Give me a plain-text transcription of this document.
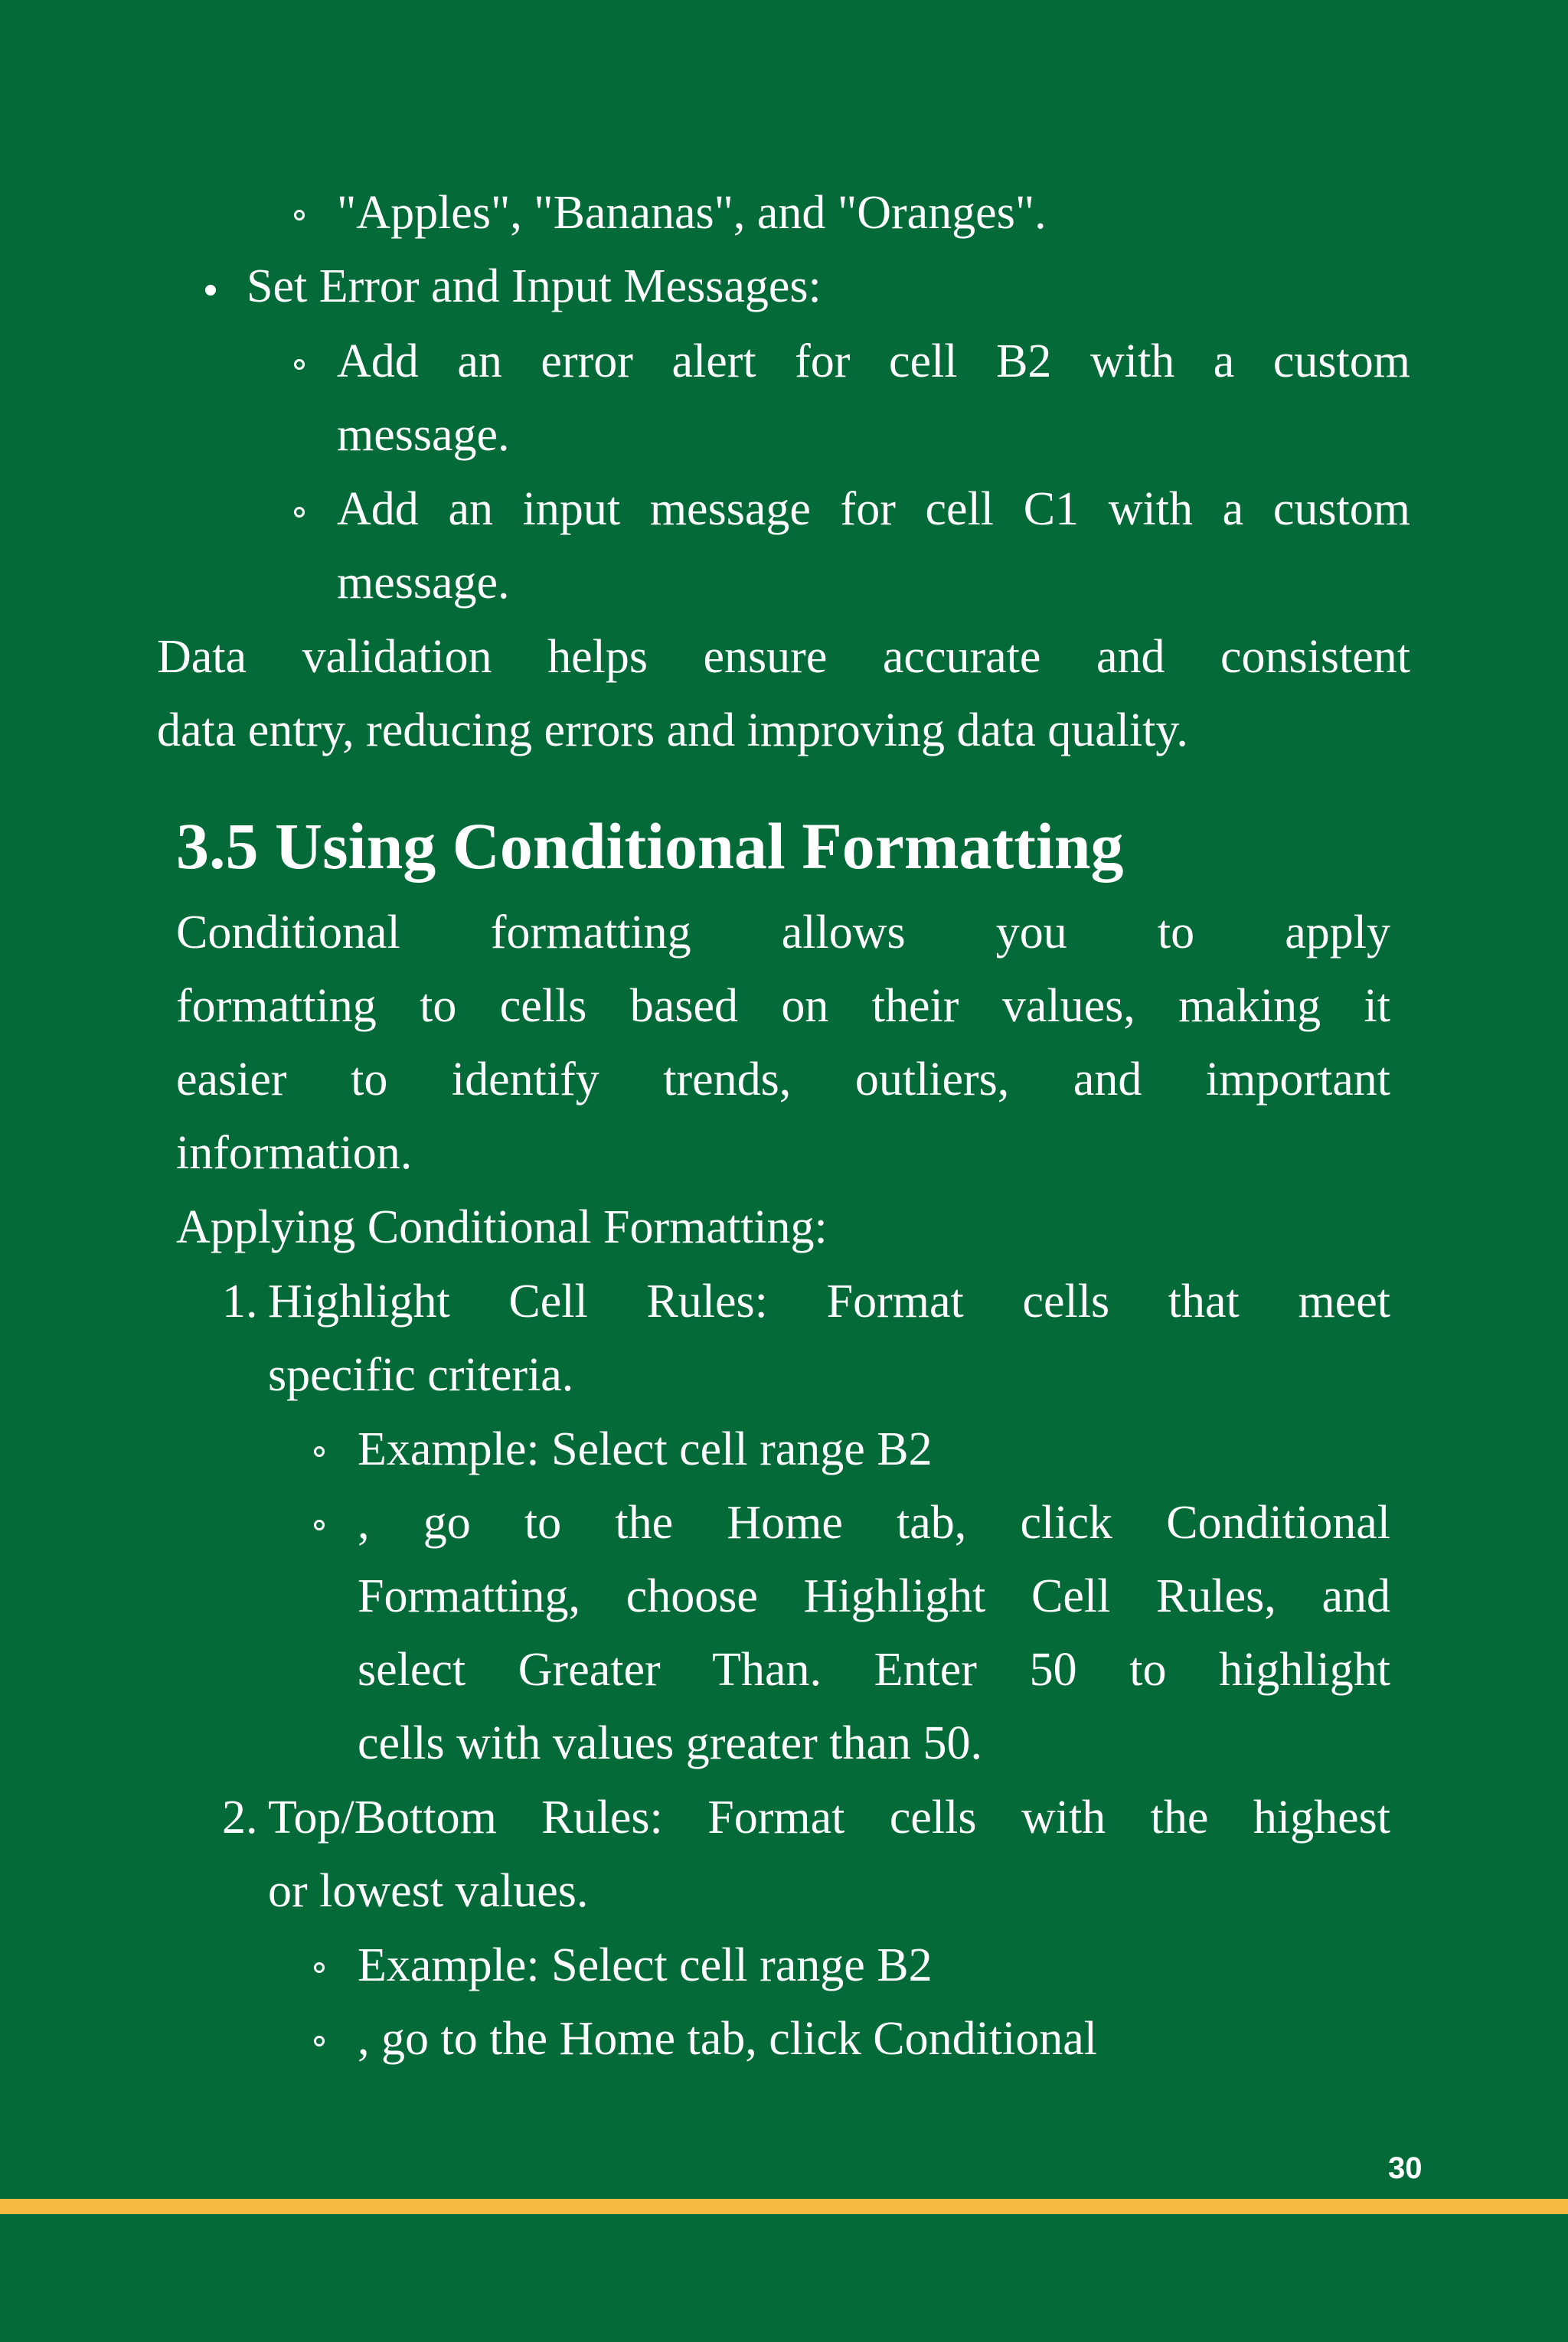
"Apples", "Bananas", and "Oranges".
Set Error and Input Messages:
Add an error alert for cell B2 with a custom
message.
Add an input message for cell C1 with a custom
message.
Data validation helps ensure accurate and consistent
data entry, reducing errors and improving data quality.
3.5 Using Conditional Formatting
Conditional formatting allows you to apply
formatting to cells based on their values, making it
easier to identify trends, outliers, and important
information.
Applying Conditional Formatting:
1. Highlight Cell Rules: Format cells that meet
specific criteria.
Example: Select cell range B2
, go to the Home tab, click Conditional
Formatting, choose Highlight Cell Rules, and
select Greater Than. Enter 50 to highlight
cells with values greater than 50.
2. Top/Bottom Rules: Format cells with the highest
or lowest values.
Example: Select cell range B2
, go to the Home tab, click Conditional
30
